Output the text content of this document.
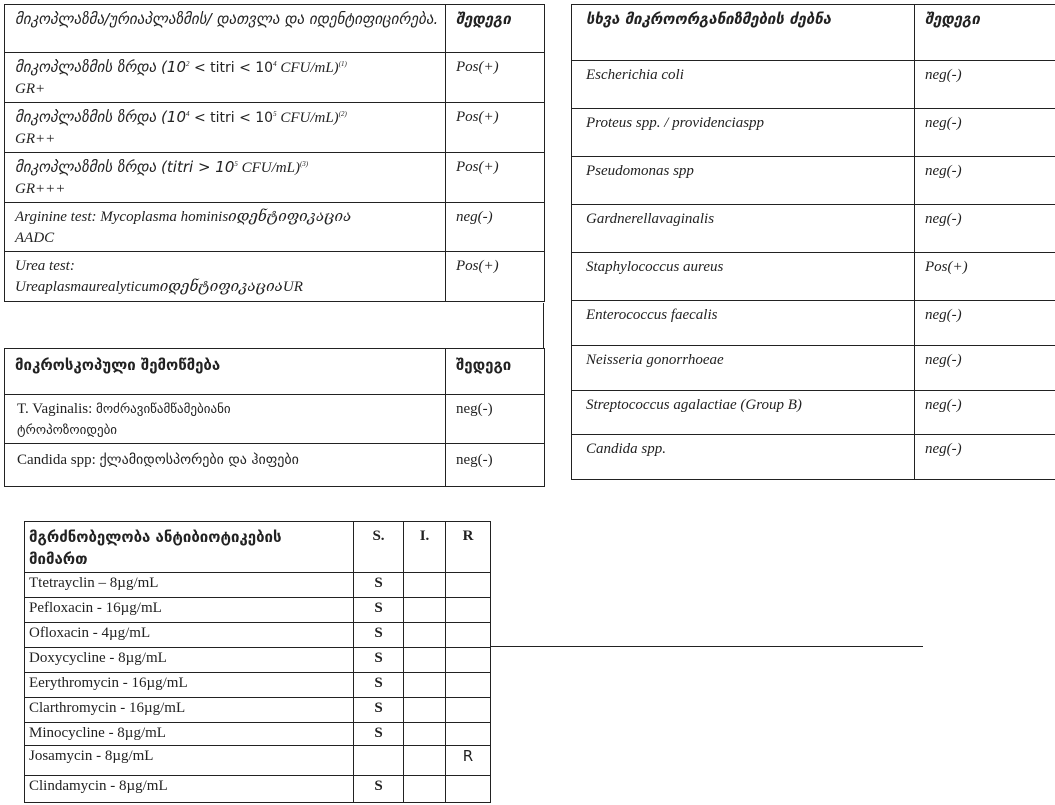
მიკოპლაზმა/ურიაპლაზმის/ დათვლა და იდენტიფიცირება.	შედეგი
მიკოპლაზმის ზრდა ($10^2$ < titri < $10^4$ CFU/mL)$^{(1)}$
GR+	Pos(+)
მიკოპლაზმის ზრდა ($10^4$ < titri < $10^5$ CFU/mL)$^{(2)}$
GR++	Pos(+)
მიკოპლაზმის ზრდა (titri > $10^5$ CFU/mL)$^{(3)}$
GR+++	Pos(+)
Arginine test: Mycoplasma hominisიდენტიფიკაცია
AADC	neg(-)
Urea test:
UreaplasmaurealyticumიდენტიფიკაციაUR	Pos(+)
მიკროსკოპული შემოწმება	შედეგი
T. Vaginalis: მოძრავიწამწამებიანი
ტროპოზოიდები	neg(-)
Candida spp: ქლამიდოსპორები და ჰიფები	neg(-)
სხვა მიკროორგანიზმების ძებნა	შედეგი
Escherichia coli	neg(-)
Proteus spp. / providenciaspp	neg(-)
Pseudomonas spp	neg(-)
Gardnerellavaginalis	neg(-)
Staphylococcus aureus	Pos(+)
Enterococcus faecalis	neg(-)
Neisseria gonorrhoeae	neg(-)
Streptococcus agalactiae (Group B)	neg(-)
Candida spp.	neg(-)
მგრძნობელობა ანტიბიოტიკების
მიმართ	S.	I.	R
Ttetrayclin – 8µg/mL	S		
Pefloxacin - 16µg/mL	S		
Ofloxacin - 4µg/mL	S		
Doxycycline - 8µg/mL	S		
Eerythromycin - 16µg/mL	S		
Clarthromycin - 16µg/mL	S		
Minocycline - 8µg/mL	S		
Josamycin - 8µg/mL			R
Clindamycin - 8µg/mL	S		
